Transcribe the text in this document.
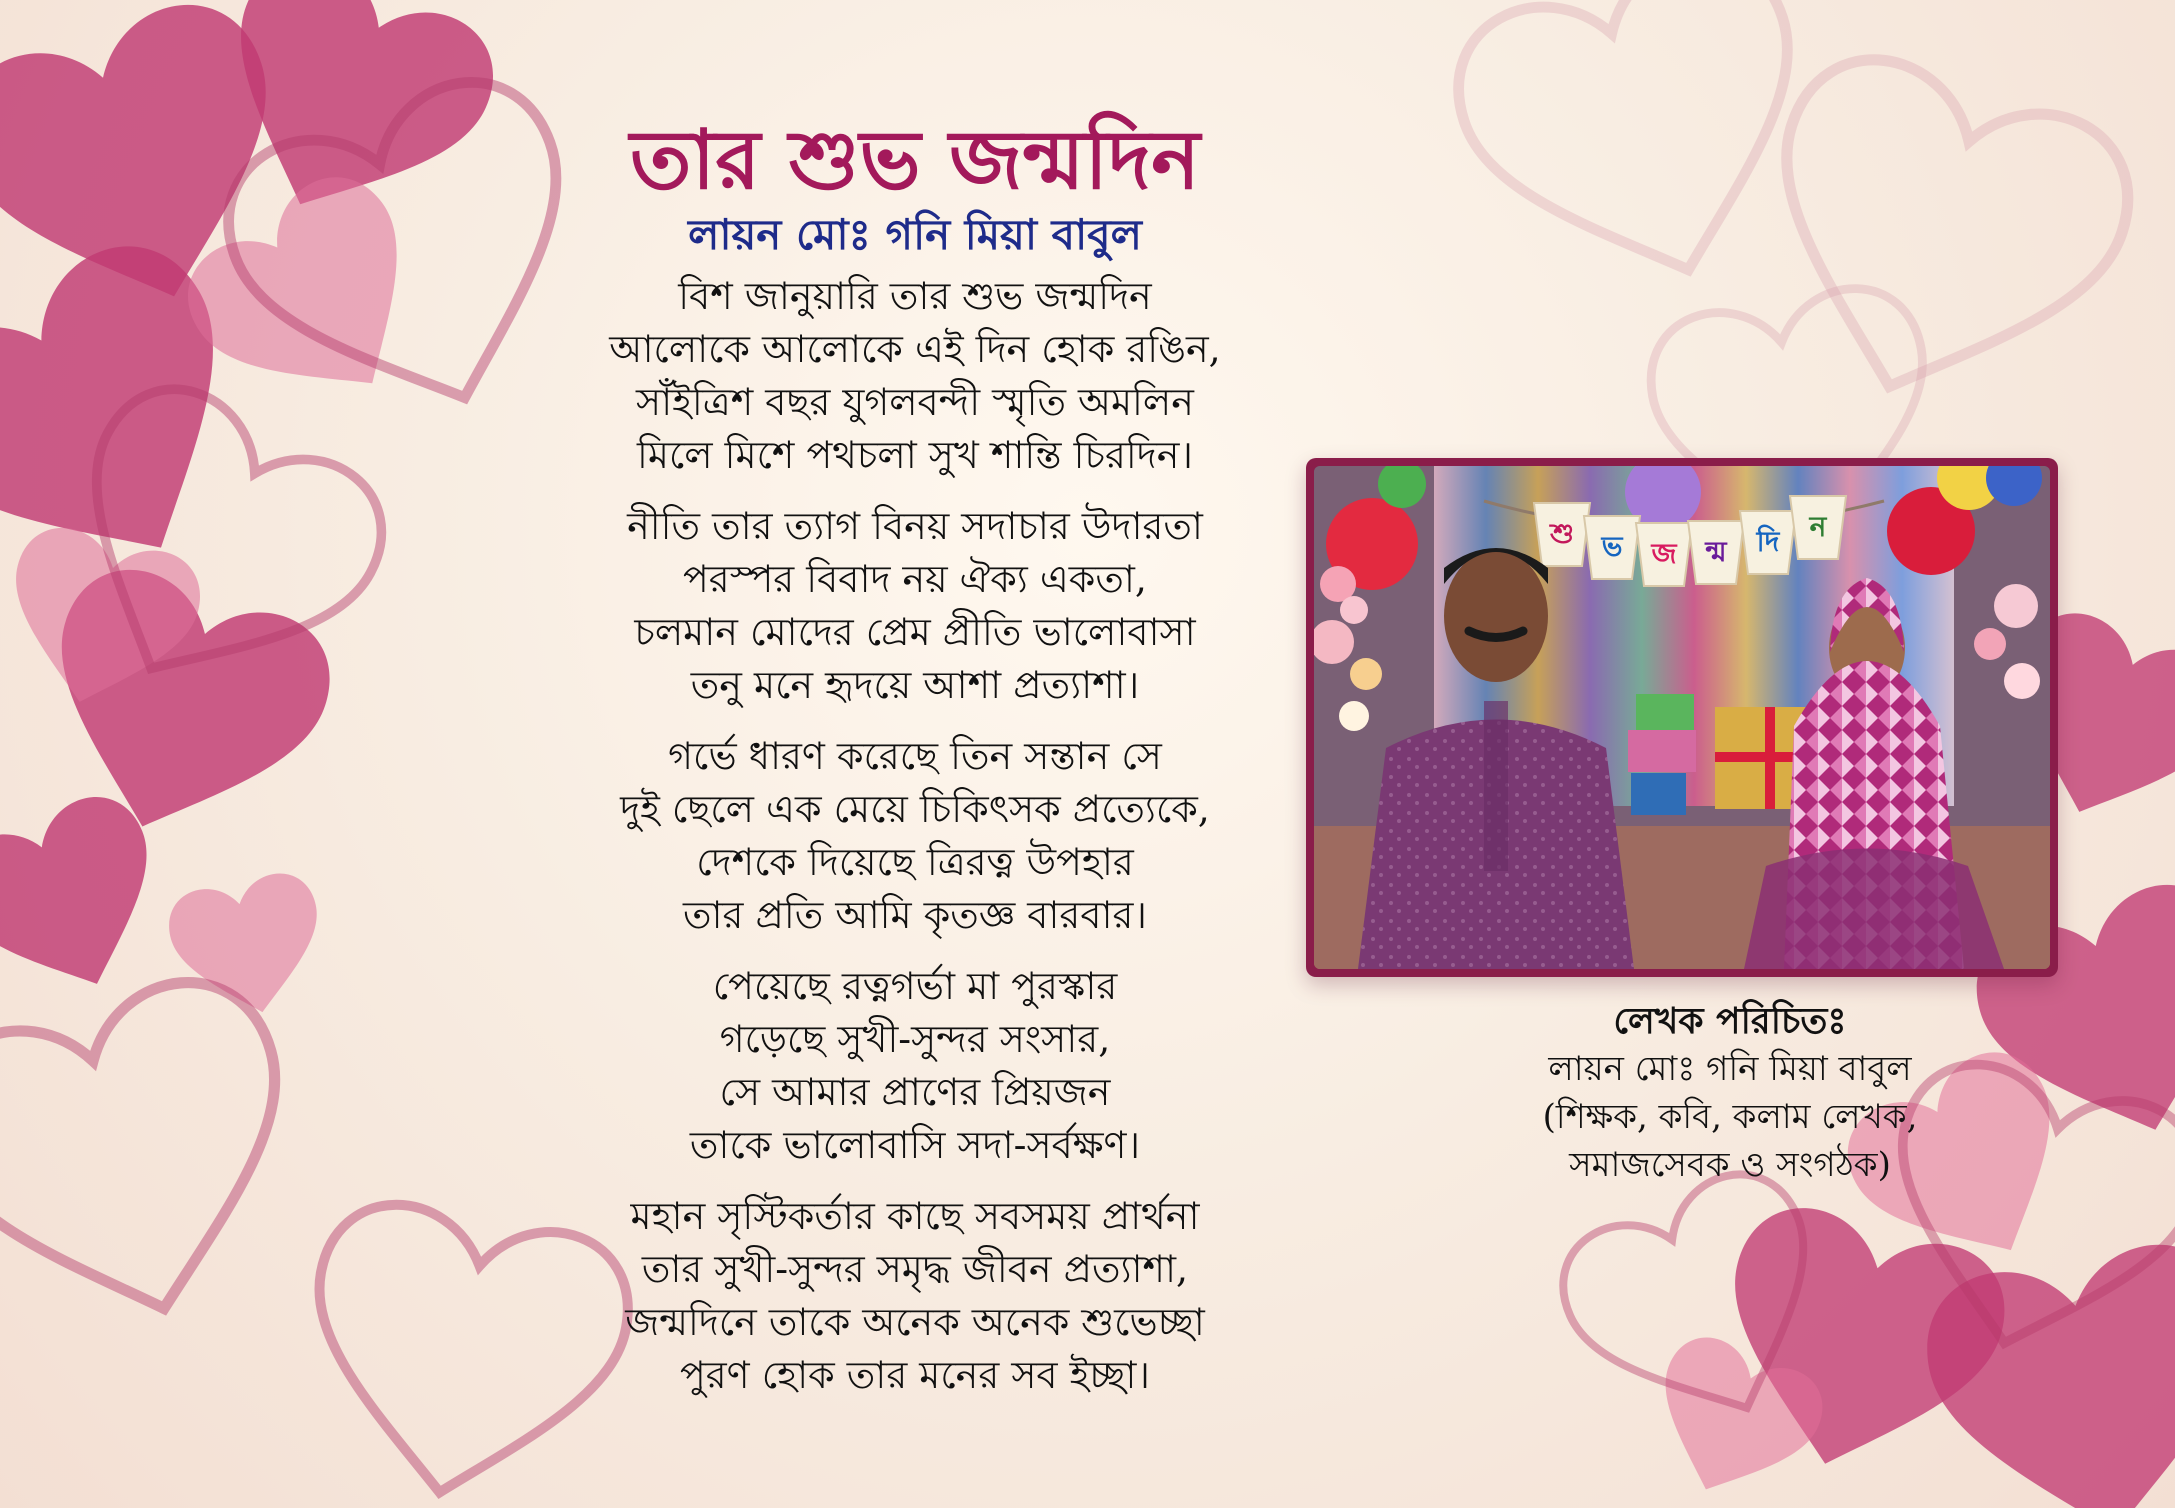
তার শুভ জন্মদিন
লায়ন মোঃ গনি মিয়া বাবুল
বিশ জানুয়ারি তার শুভ জন্মদিন
আলোকে আলোকে এই দিন হোক রঙিন,
সাঁইত্রিশ বছর যুগলবন্দী স্মৃতি অমলিন
মিলে মিশে পথচলা সুখ শান্তি চিরদিন।
নীতি তার ত্যাগ বিনয় সদাচার উদারতা
পরস্পর বিবাদ নয় ঐক্য একতা,
চলমান মোদের প্রেম প্রীতি ভালোবাসা
তনু মনে হৃদয়ে আশা প্রত্যাশা।
গর্ভে ধারণ করেছে তিন সন্তান সে
দুই ছেলে এক মেয়ে চিকিৎসক প্রত্যেকে,
দেশকে দিয়েছে ত্রিরত্ন উপহার
তার প্রতি আমি কৃতজ্ঞ বারবার।
পেয়েছে রত্নগর্ভা মা পুরস্কার
গড়েছে সুখী-সুন্দর সংসার,
সে আমার প্রাণের প্রিয়জন
তাকে ভালোবাসি সদা-সর্বক্ষণ।
মহান সৃস্টিকর্তার কাছে সবসময় প্রার্থনা
তার সুখী-সুন্দর সমৃদ্ধ জীবন প্রত্যাশা,
জন্মদিনে তাকে অনেক অনেক শুভেচ্ছা
পুরণ হোক তার মনের সব ইচ্ছা।
শু ভ জ ন্ম দি ন
লেখক পরিচিতঃ
লায়ন মোঃ গনি মিয়া বাবুল
(শিক্ষক, কবি, কলাম লেখক,
সমাজসেবক ও সংগঠক)
